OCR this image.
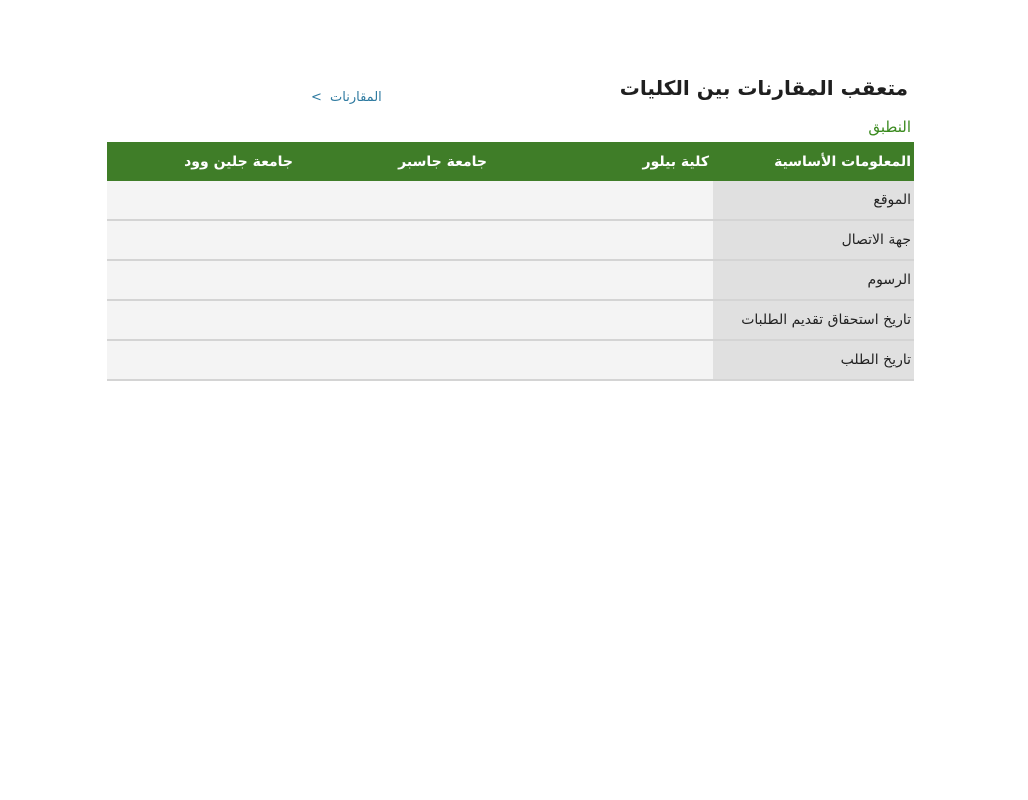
متعقب المقارنات بين الكليات
المقارنات >
النطبق
المعلومات الأساسية	كلية بيلور	جامعة جاسبر	جامعة جلين وود
الموقع			
جهة الاتصال			
الرسوم			
تاريخ استحقاق تقديم الطلبات			
تاريخ الطلب			
